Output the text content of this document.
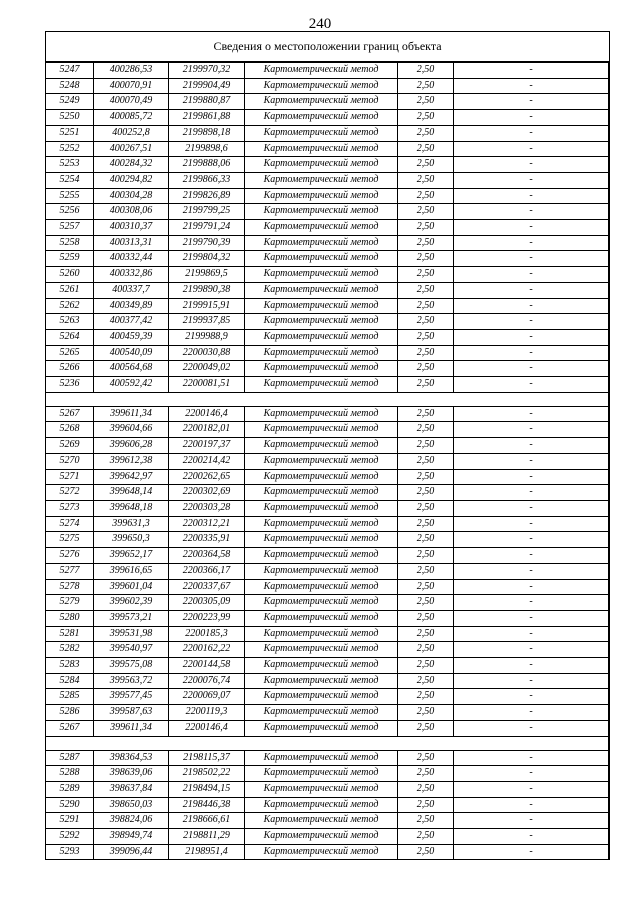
240
Сведения о местоположении границ объекта
5247	400286,53	2199970,32	Картометрический метод	2,50	-
5248	400070,91	2199904,49	Картометрический метод	2,50	-
5249	400070,49	2199880,87	Картометрический метод	2,50	-
5250	400085,72	2199861,88	Картометрический метод	2,50	-
5251	400252,8	2199898,18	Картометрический метод	2,50	-
5252	400267,51	2199898,6	Картометрический метод	2,50	-
5253	400284,32	2199888,06	Картометрический метод	2,50	-
5254	400294,82	2199866,33	Картометрический метод	2,50	-
5255	400304,28	2199826,89	Картометрический метод	2,50	-
5256	400308,06	2199799,25	Картометрический метод	2,50	-
5257	400310,37	2199791,24	Картометрический метод	2,50	-
5258	400313,31	2199790,39	Картометрический метод	2,50	-
5259	400332,44	2199804,32	Картометрический метод	2,50	-
5260	400332,86	2199869,5	Картометрический метод	2,50	-
5261	400337,7	2199890,38	Картометрический метод	2,50	-
5262	400349,89	2199915,91	Картометрический метод	2,50	-
5263	400377,42	2199937,85	Картометрический метод	2,50	-
5264	400459,39	2199988,9	Картометрический метод	2,50	-
5265	400540,09	2200030,88	Картометрический метод	2,50	-
5266	400564,68	2200049,02	Картометрический метод	2,50	-
5236	400592,42	2200081,51	Картометрический метод	2,50	-

5267	399611,34	2200146,4	Картометрический метод	2,50	-
5268	399604,66	2200182,01	Картометрический метод	2,50	-
5269	399606,28	2200197,37	Картометрический метод	2,50	-
5270	399612,38	2200214,42	Картометрический метод	2,50	-
5271	399642,97	2200262,65	Картометрический метод	2,50	-
5272	399648,14	2200302,69	Картометрический метод	2,50	-
5273	399648,18	2200303,28	Картометрический метод	2,50	-
5274	399631,3	2200312,21	Картометрический метод	2,50	-
5275	399650,3	2200335,91	Картометрический метод	2,50	-
5276	399652,17	2200364,58	Картометрический метод	2,50	-
5277	399616,65	2200366,17	Картометрический метод	2,50	-
5278	399601,04	2200337,67	Картометрический метод	2,50	-
5279	399602,39	2200305,09	Картометрический метод	2,50	-
5280	399573,21	2200223,99	Картометрический метод	2,50	-
5281	399531,98	2200185,3	Картометрический метод	2,50	-
5282	399540,97	2200162,22	Картометрический метод	2,50	-
5283	399575,08	2200144,58	Картометрический метод	2,50	-
5284	399563,72	2200076,74	Картометрический метод	2,50	-
5285	399577,45	2200069,07	Картометрический метод	2,50	-
5286	399587,63	2200119,3	Картометрический метод	2,50	-
5267	399611,34	2200146,4	Картометрический метод	2,50	-

5287	398364,53	2198115,37	Картометрический метод	2,50	-
5288	398639,06	2198502,22	Картометрический метод	2,50	-
5289	398637,84	2198494,15	Картометрический метод	2,50	-
5290	398650,03	2198446,38	Картометрический метод	2,50	-
5291	398824,06	2198666,61	Картометрический метод	2,50	-
5292	398949,74	2198811,29	Картометрический метод	2,50	-
5293	399096,44	2198951,4	Картометрический метод	2,50	-
